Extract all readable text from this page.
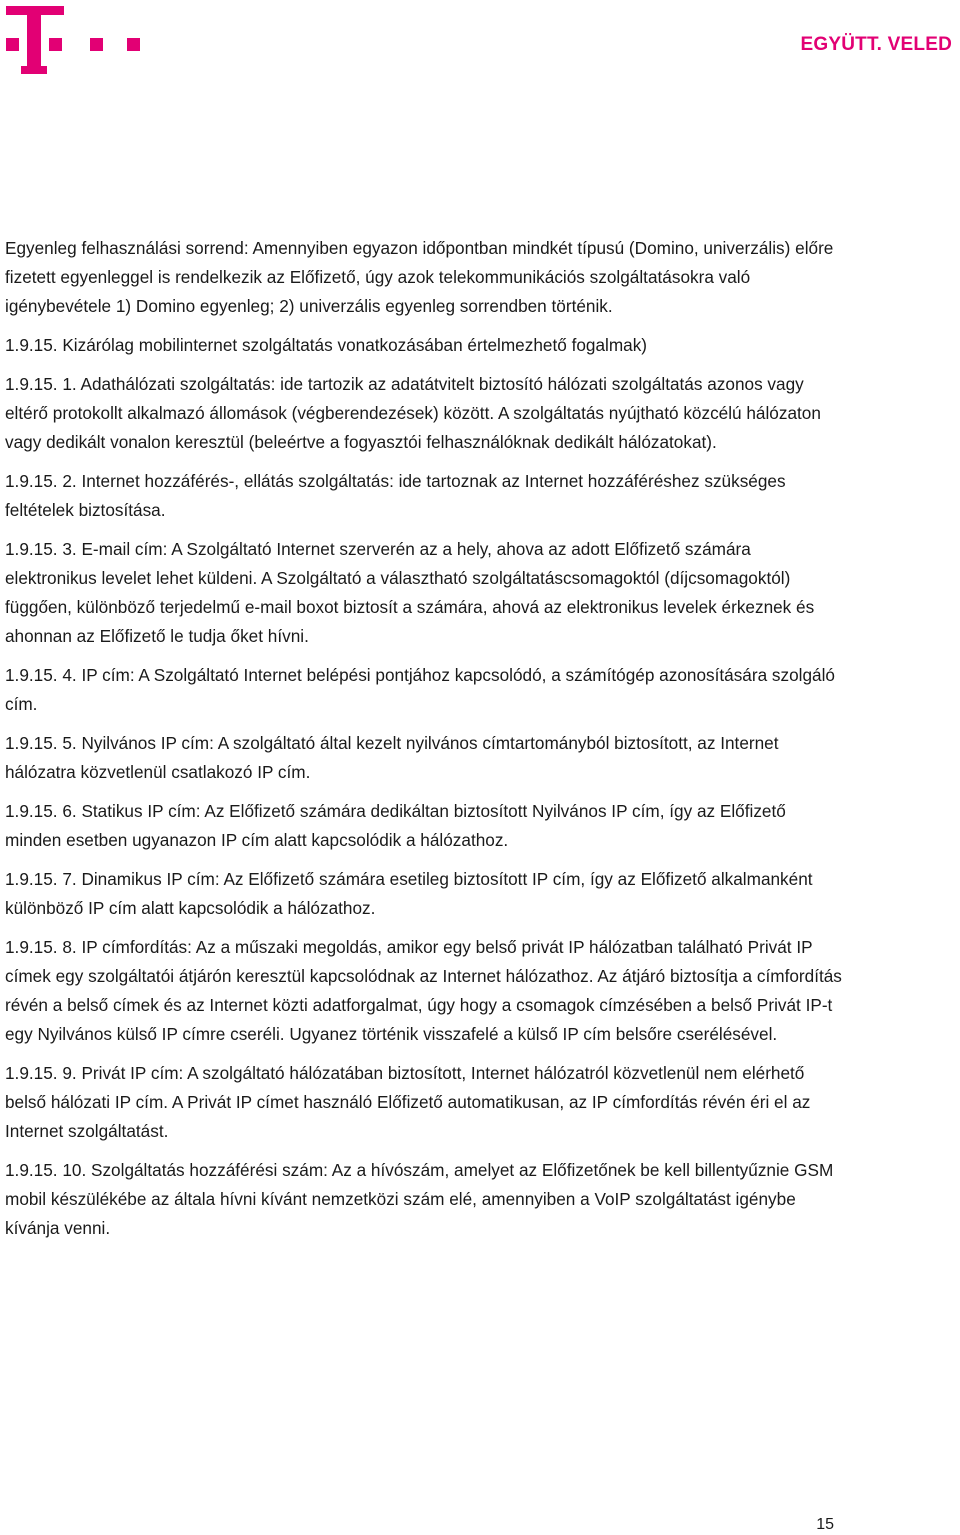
EGYÜTT. VELED

Egyenleg felhasználási sorrend: Amennyiben egyazon időpontban mindkét típusú (Domino, univerzális) előre fizetett egyenleggel is rendelkezik az Előfizető, úgy azok telekommunikációs szolgáltatásokra való igénybevétele 1) Domino egyenleg; 2) univerzális egyenleg sorrendben történik.

1.9.15. Kizárólag mobilinternet szolgáltatás vonatkozásában értelmezhető fogalmak)

1.9.15. 1. Adathálózati szolgáltatás: ide tartozik az adatátvitelt biztosító hálózati szolgáltatás azonos vagy eltérő protokollt alkalmazó állomások (végberendezések) között. A szolgáltatás nyújtható közcélú hálózaton vagy dedikált vonalon keresztül (beleértve a fogyasztói felhasználóknak dedikált hálózatokat).

1.9.15. 2. Internet hozzáférés-, ellátás szolgáltatás: ide tartoznak az Internet hozzáféréshez szükséges feltételek biztosítása.

1.9.15. 3. E-mail cím: A Szolgáltató Internet szerverén az a hely, ahova az adott Előfizető számára elektronikus levelet lehet küldeni. A Szolgáltató a választható szolgáltatáscsomagoktól (díjcsomagoktól) függően, különböző terjedelmű e-mail boxot biztosít a számára, ahová az elektronikus levelek érkeznek és ahonnan az Előfizető le tudja őket hívni.

1.9.15. 4. IP cím: A Szolgáltató Internet belépési pontjához kapcsolódó, a számítógép azonosítására szolgáló cím.

1.9.15. 5. Nyilvános IP cím: A szolgáltató által kezelt nyilvános címtartományból biztosított, az Internet hálózatra közvetlenül csatlakozó IP cím.

1.9.15. 6. Statikus IP cím: Az Előfizető számára dedikáltan biztosított Nyilvános IP cím, így az Előfizető minden esetben ugyanazon IP cím alatt kapcsolódik a hálózathoz.

1.9.15. 7. Dinamikus IP cím: Az Előfizető számára esetileg biztosított IP cím, így az Előfizető alkalmanként különböző IP cím alatt kapcsolódik a hálózathoz.

1.9.15. 8. IP címfordítás: Az a műszaki megoldás, amikor egy belső privát IP hálózatban található Privát IP címek egy szolgáltatói átjárón keresztül kapcsolódnak az Internet hálózathoz. Az átjáró biztosítja a címfordítás révén a belső címek és az Internet közti adatforgalmat, úgy hogy a csomagok címzésében a belső Privát IP-t egy Nyilvános külső IP címre cseréli. Ugyanez történik visszafelé a külső IP cím belsőre cserélésével.

1.9.15. 9. Privát IP cím: A szolgáltató hálózatában biztosított, Internet hálózatról közvetlenül nem elérhető belső hálózati IP cím. A Privát IP címet használó Előfizető automatikusan, az IP címfordítás révén éri el az Internet szolgáltatást.

1.9.15. 10. Szolgáltatás hozzáférési szám: Az a hívószám, amelyet az Előfizetőnek be kell billentyűznie GSM mobil készülékébe az általa hívni kívánt nemzetközi szám elé, amennyiben a VoIP szolgáltatást igénybe kívánja venni.

15
